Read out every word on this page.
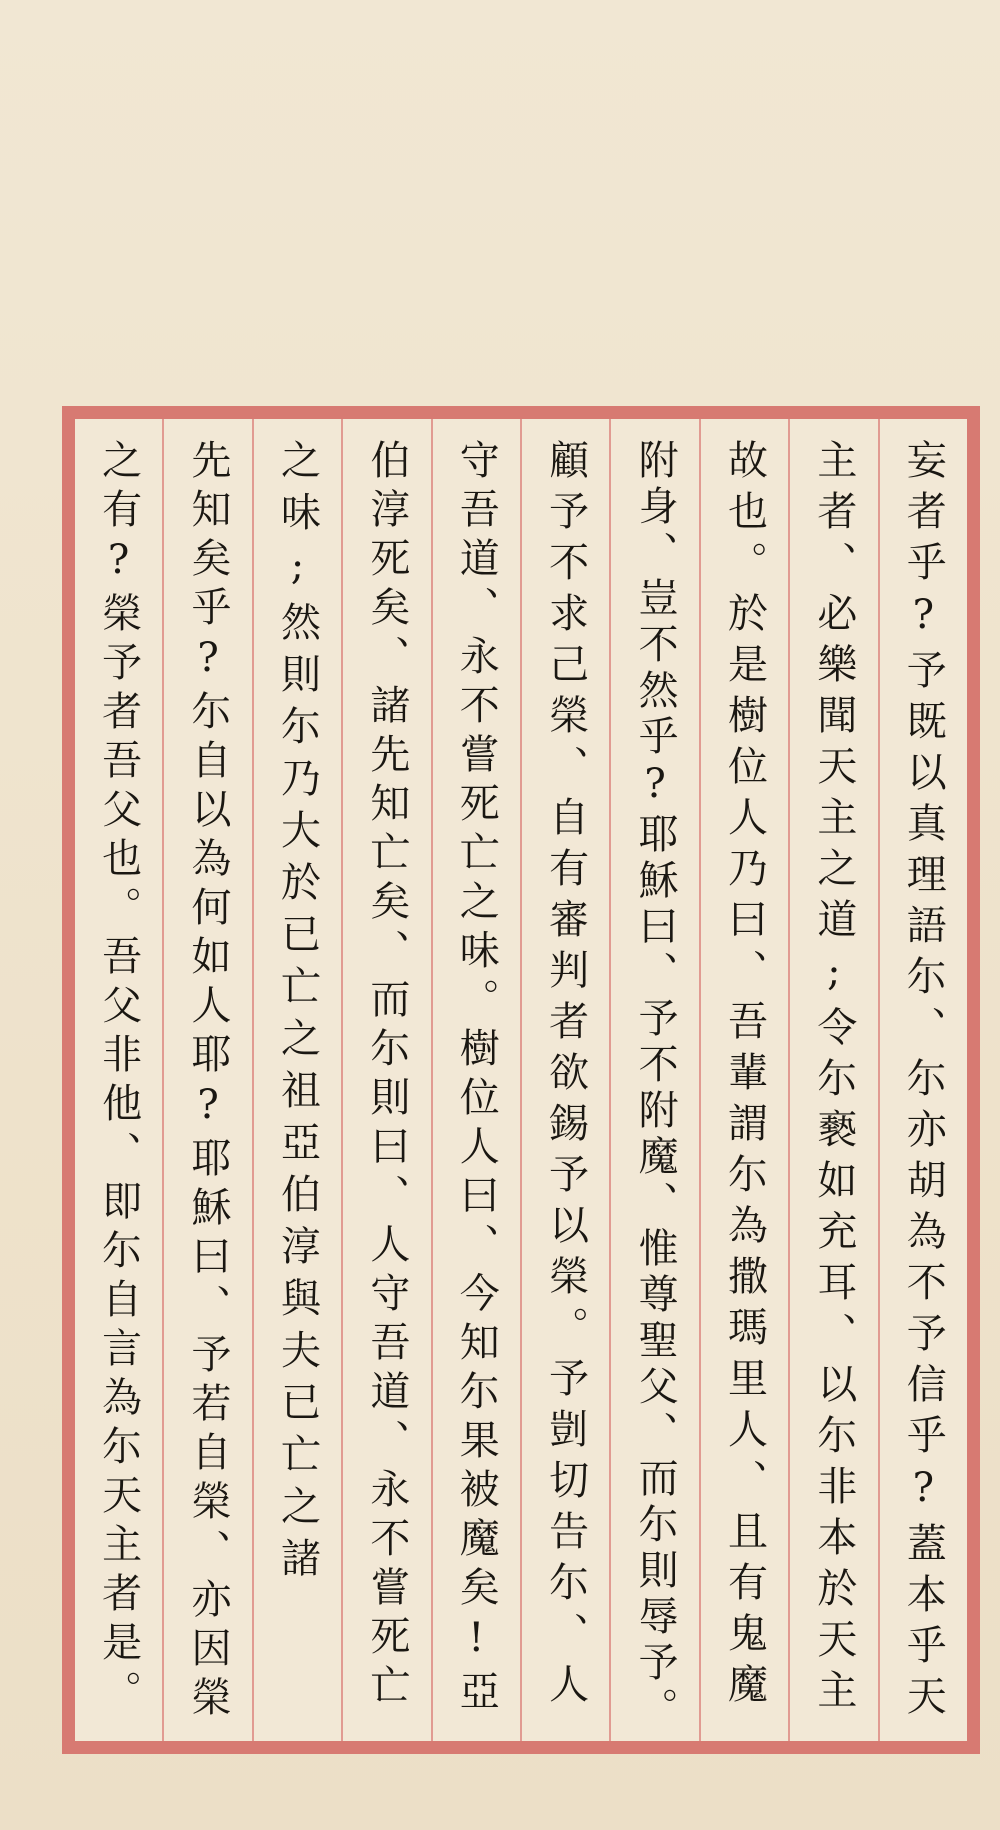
妄者乎?予既以真理語尓、尓亦胡為不予信乎?蓋本乎天
主者、必樂聞天主之道;令尓褻如充耳、以尓非本於天主
故也。於是樹位人乃曰、吾輩謂尓為撒瑪里人、且有鬼魔
附身、豈不然乎?耶穌曰、予不附魔、惟尊聖父、而尓則辱予。
顧予不求己榮、自有審判者欲錫予以榮。予剴切告尓、人
守吾道、永不嘗死亡之味。樹位人曰、今知尓果被魔矣!亞
伯淳死矣、諸先知亡矣、而尓則曰、人守吾道、永不嘗死亡
之味;然則尓乃大於已亡之祖亞伯淳與夫已亡之諸
先知矣乎?尓自以為何如人耶?耶穌曰、予若自榮、亦因榮
之有?榮予者吾父也。吾父非他、即尓自言為尓天主者是。
